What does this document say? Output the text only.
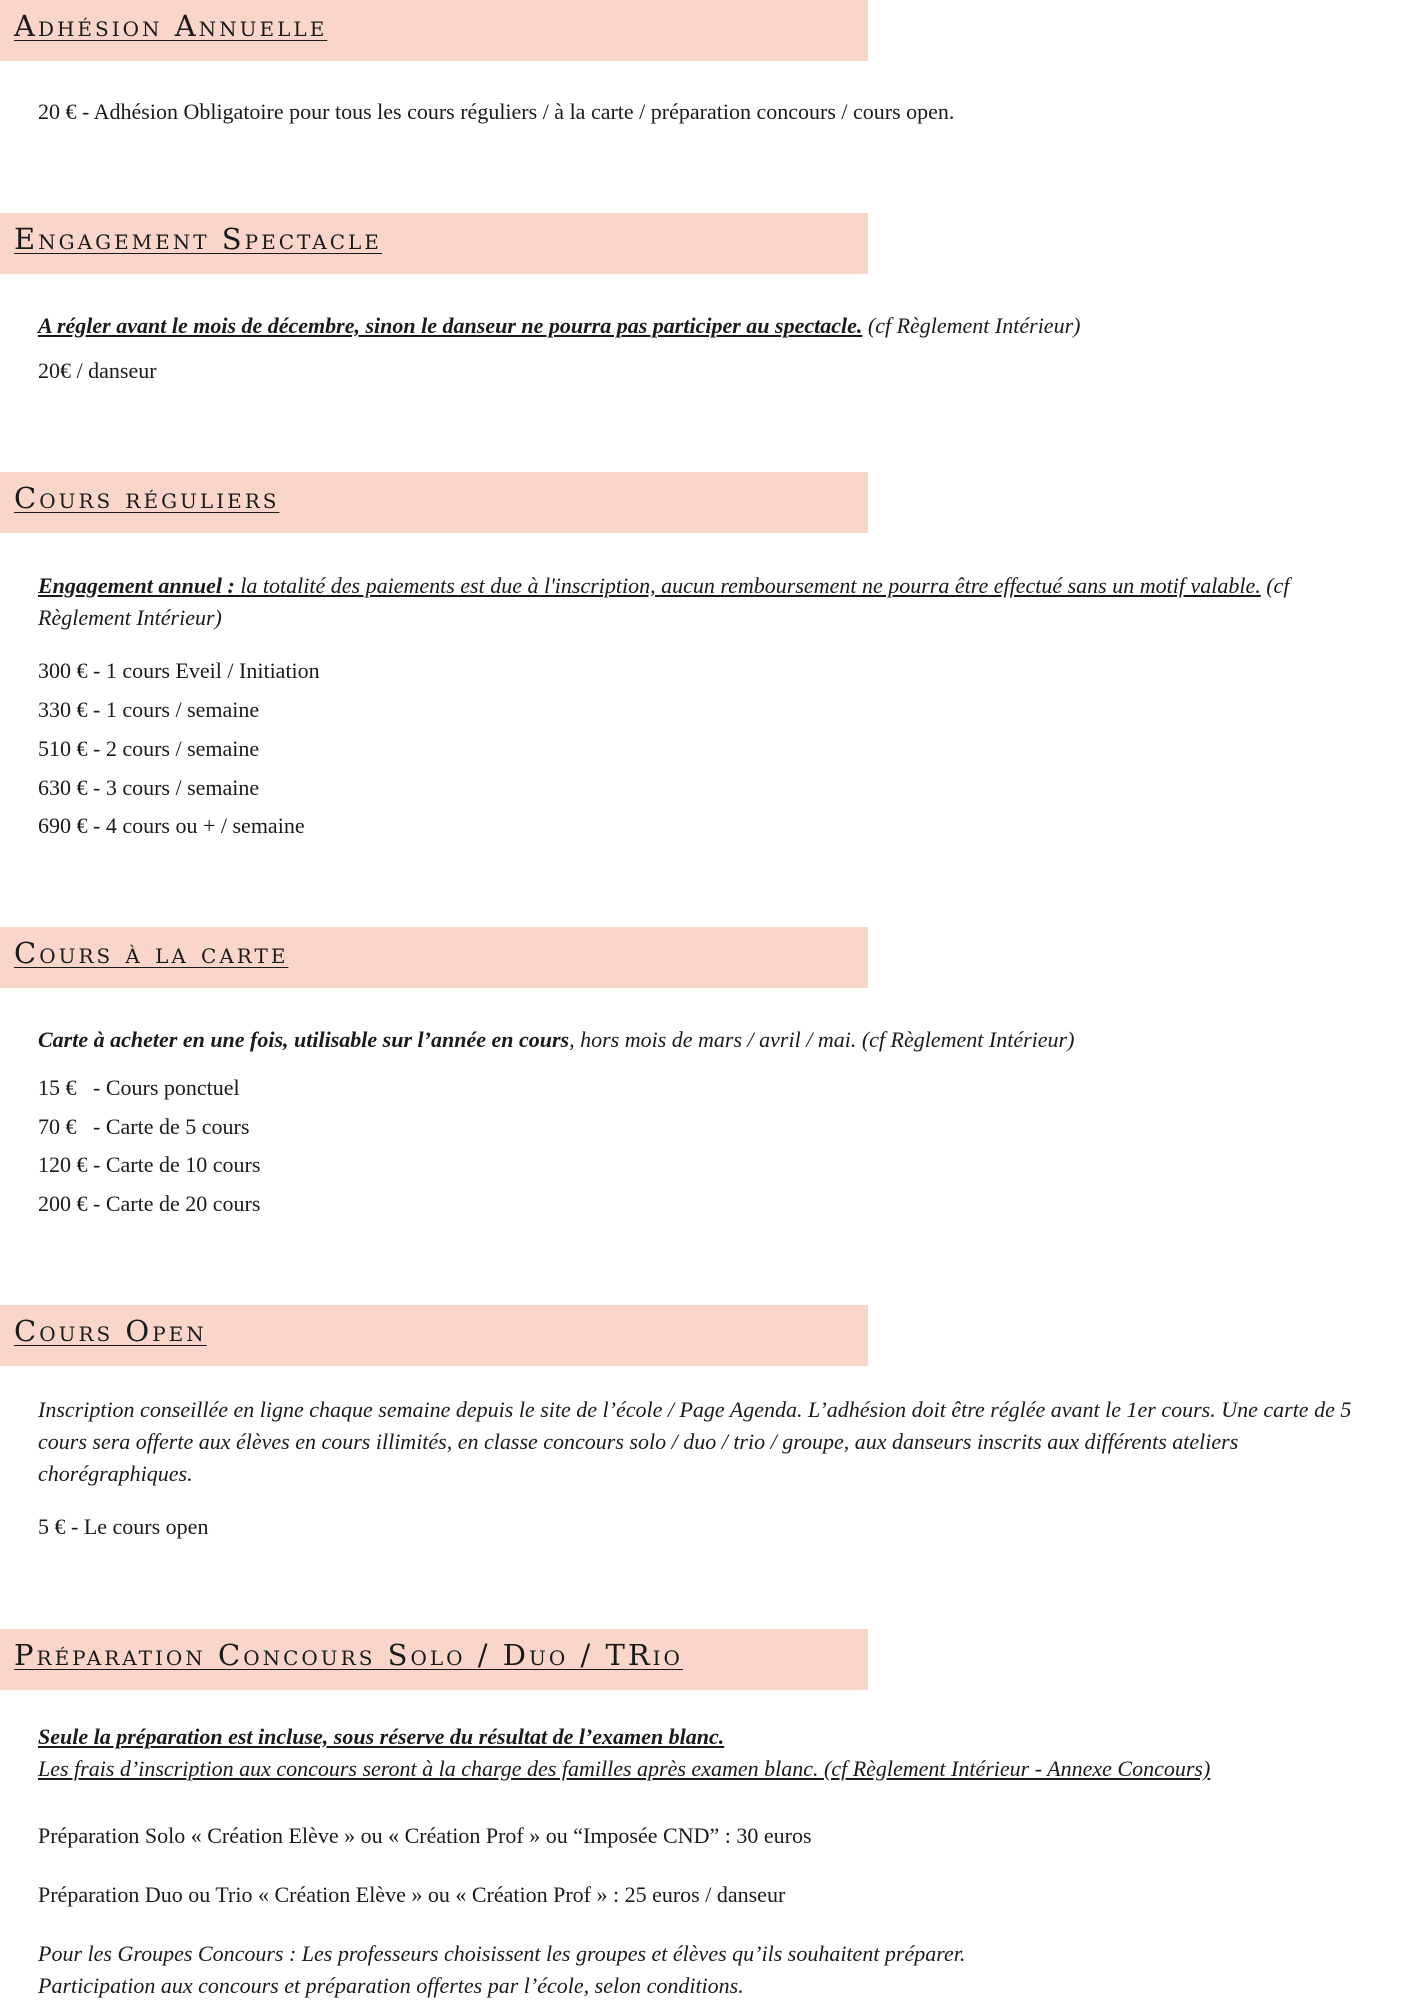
Adhésion Annuelle

20 € - Adhésion Obligatoire pour tous les cours réguliers / à la carte / préparation concours / cours open.

Engagement Spectacle

A régler avant le mois de décembre, sinon le danseur ne pourra pas participer au spectacle. (cf Règlement Intérieur)

20€ / danseur

Cours réguliers

Engagement annuel : la totalité des paiements est due à l'inscription, aucun remboursement ne pourra être effectué sans un motif valable. (cf Règlement Intérieur)

300 € - 1 cours Eveil / Initiation

330 € - 1 cours / semaine

510 € - 2 cours / semaine

630 € - 3 cours / semaine

690 € - 4 cours ou + / semaine

Cours à la carte

Carte à acheter en une fois, utilisable sur l’année en cours, hors mois de mars / avril / mai. (cf Règlement Intérieur)

15 €   - Cours ponctuel

70 €   - Carte de 5 cours

120 € - Carte de 10 cours

200 € - Carte de 20 cours

Cours Open

Inscription conseillée en ligne chaque semaine depuis le site de l’école / Page Agenda. L’adhésion doit être réglée avant le 1er cours. Une carte de 5 cours sera offerte aux élèves en cours illimités, en classe concours solo / duo / trio / groupe, aux danseurs inscrits aux différents ateliers chorégraphiques.

5 € - Le cours open

Préparation Concours Solo / Duo / TRio

Seule la préparation est incluse, sous réserve du résultat de l’examen blanc.

Les frais d’inscription aux concours seront à la charge des familles après examen blanc. (cf Règlement Intérieur - Annexe Concours)

Préparation Solo « Création Elève » ou « Création Prof » ou “Imposée CND” : 30 euros

Préparation Duo ou Trio « Création Elève » ou « Création Prof » : 25 euros / danseur

Pour les Groupes Concours : Les professeurs choisissent les groupes et élèves qu’ils souhaitent préparer.

Participation aux concours et préparation offertes par l’école, selon conditions.
